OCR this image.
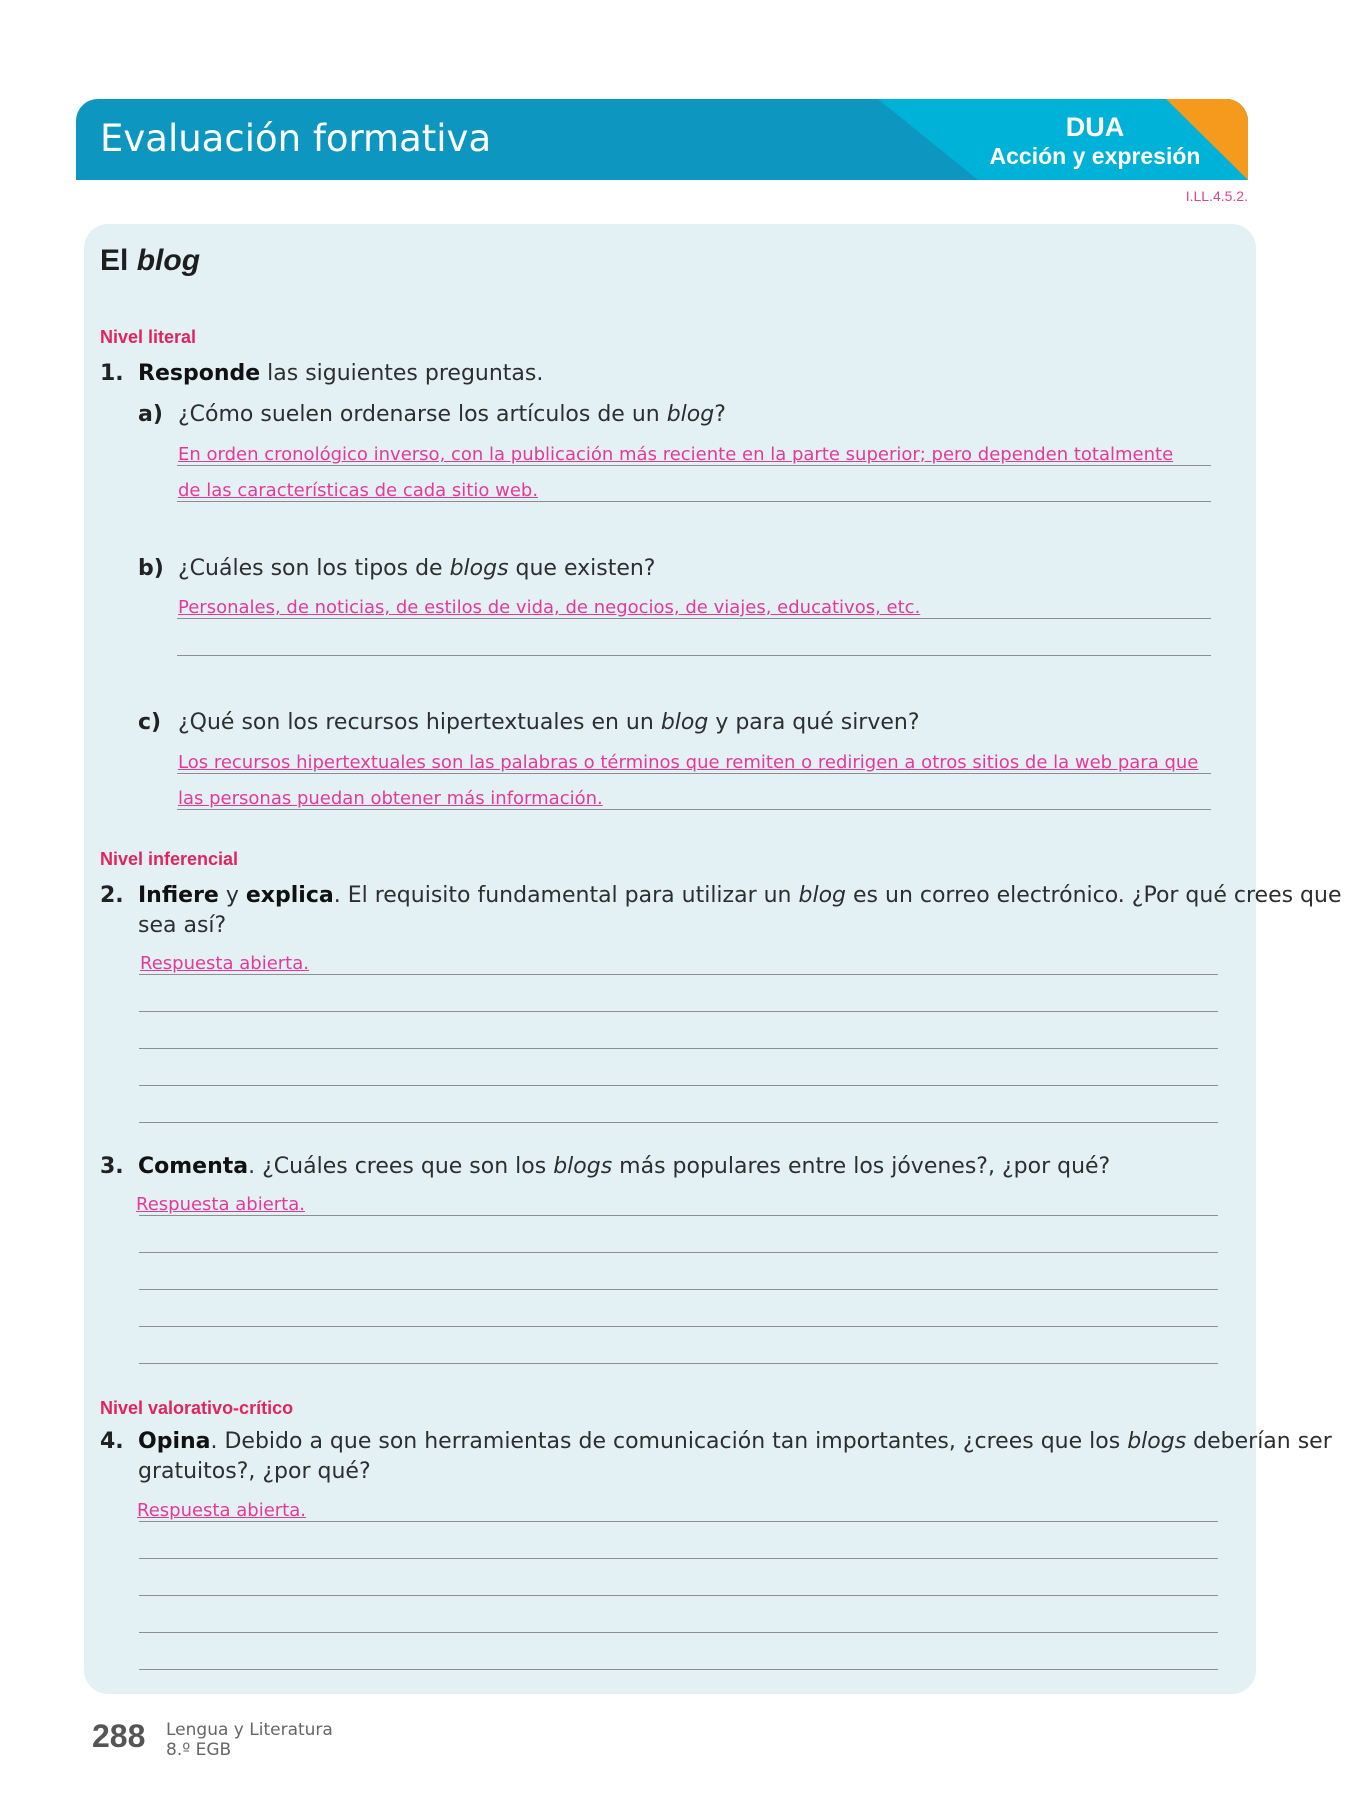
Evaluación formativa	DUA
Acción y expresión
I.LL.4.5.2.
El blog
Nivel literal
1. Responde las siguientes preguntas.
a) ¿Cómo suelen ordenarse los artículos de un blog?
En orden cronológico inverso, con la publicación más reciente en la parte superior; pero dependen totalmente
de las características de cada sitio web.
b) ¿Cuáles son los tipos de blogs que existen?
Personales, de noticias, de estilos de vida, de negocios, de viajes, educativos, etc.
c) ¿Qué son los recursos hipertextuales en un blog y para qué sirven?
Los recursos hipertextuales son las palabras o términos que remiten o redirigen a otros sitios de la web para que
las personas puedan obtener más información.
Nivel inferencial
2. Infiere y explica. El requisito fundamental para utilizar un blog es un correo electrónico. ¿Por qué crees que
sea así?
Respuesta abierta.
3. Comenta. ¿Cuáles crees que son los blogs más populares entre los jóvenes?, ¿por qué?
Respuesta abierta.
Nivel valorativo-crítico
4. Opina. Debido a que son herramientas de comunicación tan importantes, ¿crees que los blogs deberían ser
gratuitos?, ¿por qué?
Respuesta abierta.
288 Lengua y Literatura
8.º EGB
